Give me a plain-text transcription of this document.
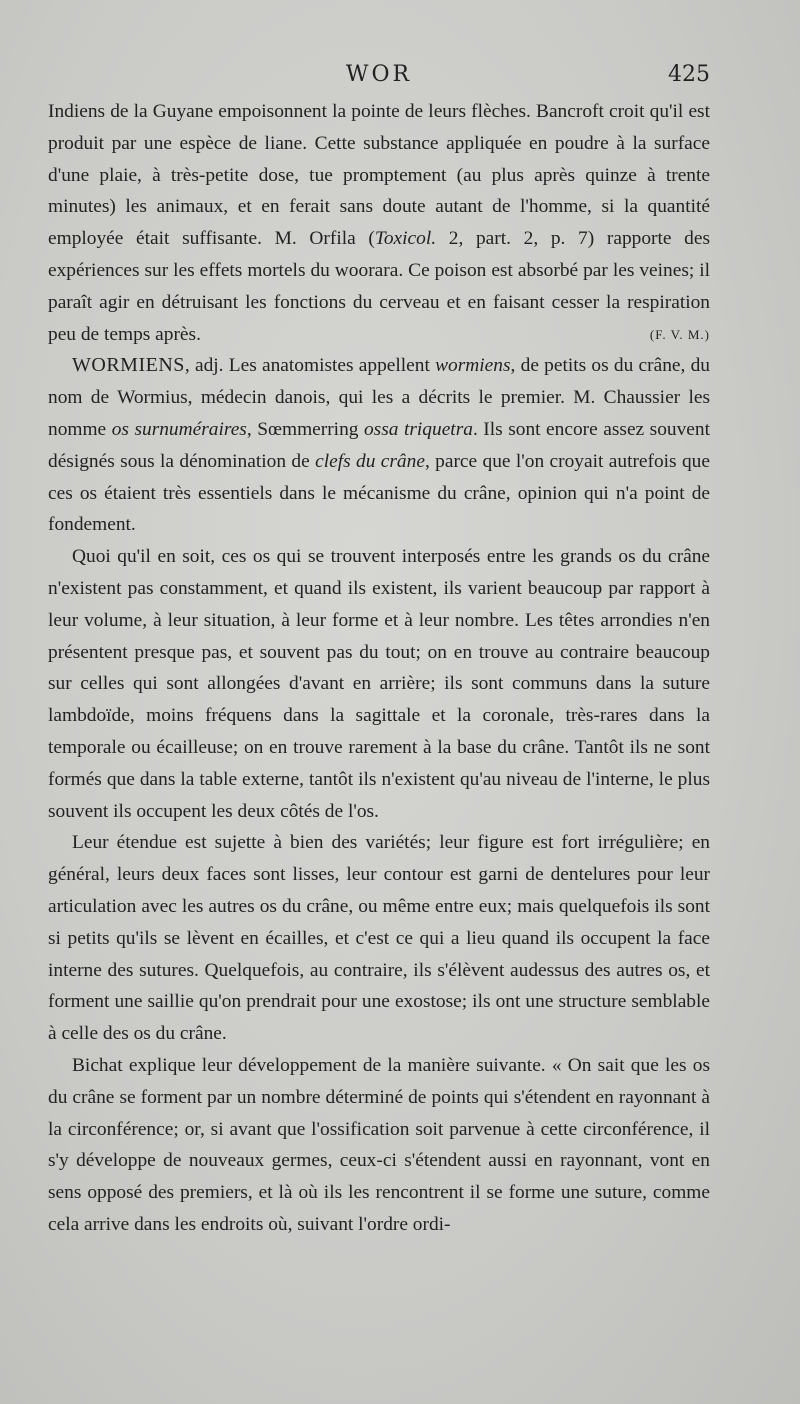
WOR	425

Indiens de la Guyane empoisonnent la pointe de leurs flèches. Bancroft croit qu'il est produit par une espèce de liane. Cette substance appliquée en poudre à la surface d'une plaie, à très-petite dose, tue promptement (au plus après quinze à trente minutes) les animaux, et en ferait sans doute autant de l'homme, si la quantité employée était suffisante. M. Orfila (Toxicol. 2, part. 2, p. 7) rapporte des expériences sur les effets mortels du woorara. Ce poison est absorbé par les veines; il paraît agir en détruisant les fonctions du cerveau et en faisant cesser la respiration peu de temps après.	(F. V. M.)

WORMIENS, adj. Les anatomistes appellent wormiens, de petits os du crâne, du nom de Wormius, médecin danois, qui les a décrits le premier. M. Chaussier les nomme os surnuméraires, Sœmmerring ossa triquetra. Ils sont encore assez souvent désignés sous la dénomination de clefs du crâne, parce que l'on croyait autrefois que ces os étaient très essentiels dans le mécanisme du crâne, opinion qui n'a point de fondement.

Quoi qu'il en soit, ces os qui se trouvent interposés entre les grands os du crâne n'existent pas constamment, et quand ils existent, ils varient beaucoup par rapport à leur volume, à leur situation, à leur forme et à leur nombre. Les têtes arrondies n'en présentent presque pas, et souvent pas du tout; on en trouve au contraire beaucoup sur celles qui sont allongées d'avant en arrière; ils sont communs dans la suture lambdoïde, moins fréquens dans la sagittale et la coronale, très-rares dans la temporale ou écailleuse; on en trouve rarement à la base du crâne. Tantôt ils ne sont formés que dans la table externe, tantôt ils n'existent qu'au niveau de l'interne, le plus souvent ils occupent les deux côtés de l'os.

Leur étendue est sujette à bien des variétés; leur figure est fort irrégulière; en général, leurs deux faces sont lisses, leur contour est garni de dentelures pour leur articulation avec les autres os du crâne, ou même entre eux; mais quelquefois ils sont si petits qu'ils se lèvent en écailles, et c'est ce qui a lieu quand ils occupent la face interne des sutures. Quelquefois, au contraire, ils s'élèvent audessus des autres os, et forment une saillie qu'on prendrait pour une exostose; ils ont une structure semblable à celle des os du crâne.

Bichat explique leur développement de la manière suivante. « On sait que les os du crâne se forment par un nombre déterminé de points qui s'étendent en rayonnant à la circonférence; or, si avant que l'ossification soit parvenue à cette circonférence, il s'y développe de nouveaux germes, ceux-ci s'étendent aussi en rayonnant, vont en sens opposé des premiers, et là où ils les rencontrent il se forme une suture, comme cela arrive dans les endroits où, suivant l'ordre ordi-
